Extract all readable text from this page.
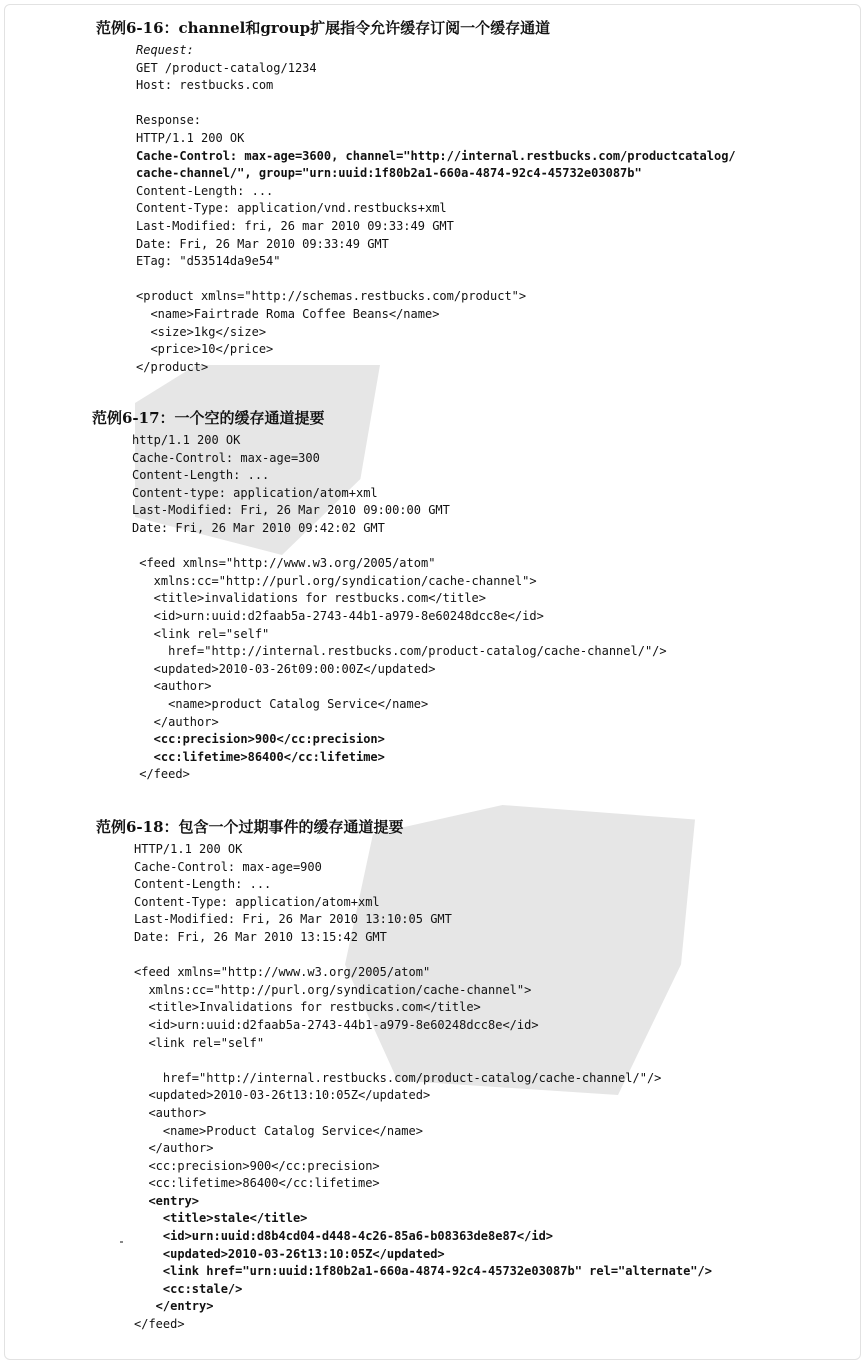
范例6-16：channel和group扩展指令允许缓存订阅一个缓存通道
Request:
GET /product-catalog/1234
Host: restbucks.com
Response:
HTTP/1.1 200 OK
Cache-Control: max-age=3600, channel="http://internal.restbucks.com/productcatalog/
cache-channel/", group="urn:uuid:1f80b2a1-660a-4874-92c4-45732e03087b"
Content-Length: ...
Content-Type: application/vnd.restbucks+xml
Last-Modified: fri, 26 mar 2010 09:33:49 GMT
Date: Fri, 26 Mar 2010 09:33:49 GMT
ETag: "d53514da9e54"
<product xmlns="http://schemas.restbucks.com/product">
<name>Fairtrade Roma Coffee Beans</name>
<size>1kg</size>
<price>10</price>
</product>
范例6-17：一个空的缓存通道提要
http/1.1 200 OK
Cache-Control: max-age=300
Content-Length: ...
Content-type: application/atom+xml
Last-Modified: Fri, 26 Mar 2010 09:00:00 GMT
Date: Fri, 26 Mar 2010 09:42:02 GMT
<feed xmlns="http://www.w3.org/2005/atom"
xmlns:cc="http://purl.org/syndication/cache-channel">
<title>invalidations for restbucks.com</title>
<id>urn:uuid:d2faab5a-2743-44b1-a979-8e60248dcc8e</id>
<link rel="self"
href="http://internal.restbucks.com/product-catalog/cache-channel/"/>
<updated>2010-03-26t09:00:00Z</updated>
<author>
<name>product Catalog Service</name>
</author>
<cc:precision>900</cc:precision>
<cc:lifetime>86400</cc:lifetime>
</feed>
范例6-18：包含一个过期事件的缓存通道提要
HTTP/1.1 200 OK
Cache-Control: max-age=900
Content-Length: ...
Content-Type: application/atom+xml
Last-Modified: Fri, 26 Mar 2010 13:10:05 GMT
Date: Fri, 26 Mar 2010 13:15:42 GMT
<feed xmlns="http://www.w3.org/2005/atom"
xmlns:cc="http://purl.org/syndication/cache-channel">
<title>Invalidations for restbucks.com</title>
<id>urn:uuid:d2faab5a-2743-44b1-a979-8e60248dcc8e</id>
<link rel="self"
href="http://internal.restbucks.com/product-catalog/cache-channel/"/>
<updated>2010-03-26t13:10:05Z</updated>
<author>
<name>Product Catalog Service</name>
</author>
<cc:precision>900</cc:precision>
<cc:lifetime>86400</cc:lifetime>
<entry>
<title>stale</title>
<id>urn:uuid:d8b4cd04-d448-4c26-85a6-b08363de8e87</id>
<updated>2010-03-26t13:10:05Z</updated>
<link href="urn:uuid:1f80b2a1-660a-4874-92c4-45732e03087b" rel="alternate"/>
<cc:stale/>
</entry>
</feed>
